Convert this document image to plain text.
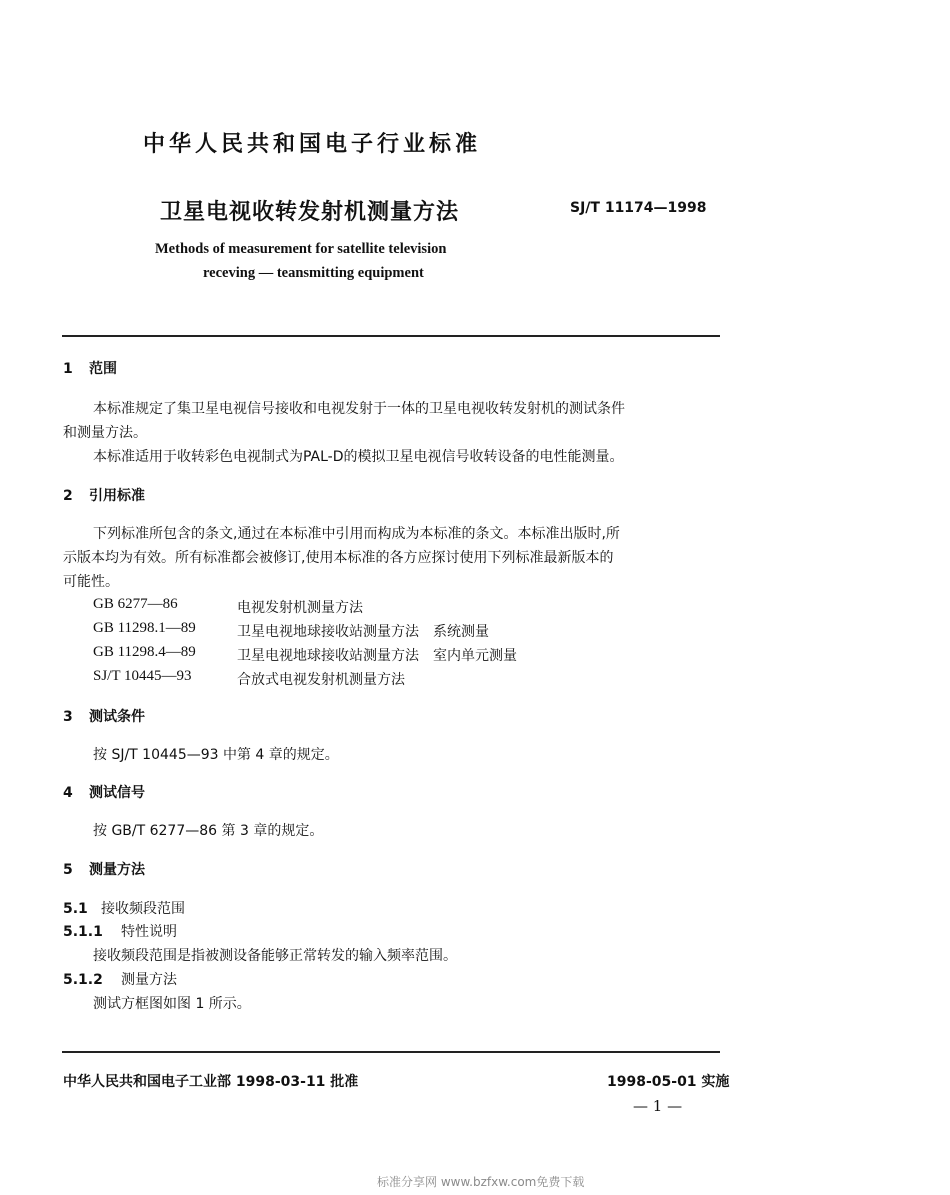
中华人民共和国电子行业标准
卫星电视收转发射机测量方法	SJ/T 11174—1998
Methods of measurement for satellite television
receving — teansmitting equipment
1 范围
本标准规定了集卫星电视信号接收和电视发射于一体的卫星电视收转发射机的测试条件
和测量方法。
本标准适用于收转彩色电视制式为PAL-D的模拟卫星电视信号收转设备的电性能测量。
2 引用标准
下列标准所包含的条文,通过在本标准中引用而构成为本标准的条文。本标准出版时,所
示版本均为有效。所有标准都会被修订,使用本标准的各方应探讨使用下列标准最新版本的
可能性。
GB 6277—86	电视发射机测量方法
GB 11298.1—89	卫星电视地球接收站测量方法　系统测量
GB 11298.4—89	卫星电视地球接收站测量方法　室内单元测量
SJ/T 10445—93	合放式电视发射机测量方法
3 测试条件
按 SJ/T 10445—93 中第 4 章的规定。
4 测试信号
按 GB/T 6277—86 第 3 章的规定。
5 测量方法
5.1 接收频段范围
5.1.1 特性说明
接收频段范围是指被测设备能够正常转发的输入频率范围。
5.1.2 测量方法
测试方框图如图 1 所示。
中华人民共和国电子工业部 1998-03-11 批准	1998-05-01 实施
— 1 —
标准分享网 www.bzfxw.com免费下载
